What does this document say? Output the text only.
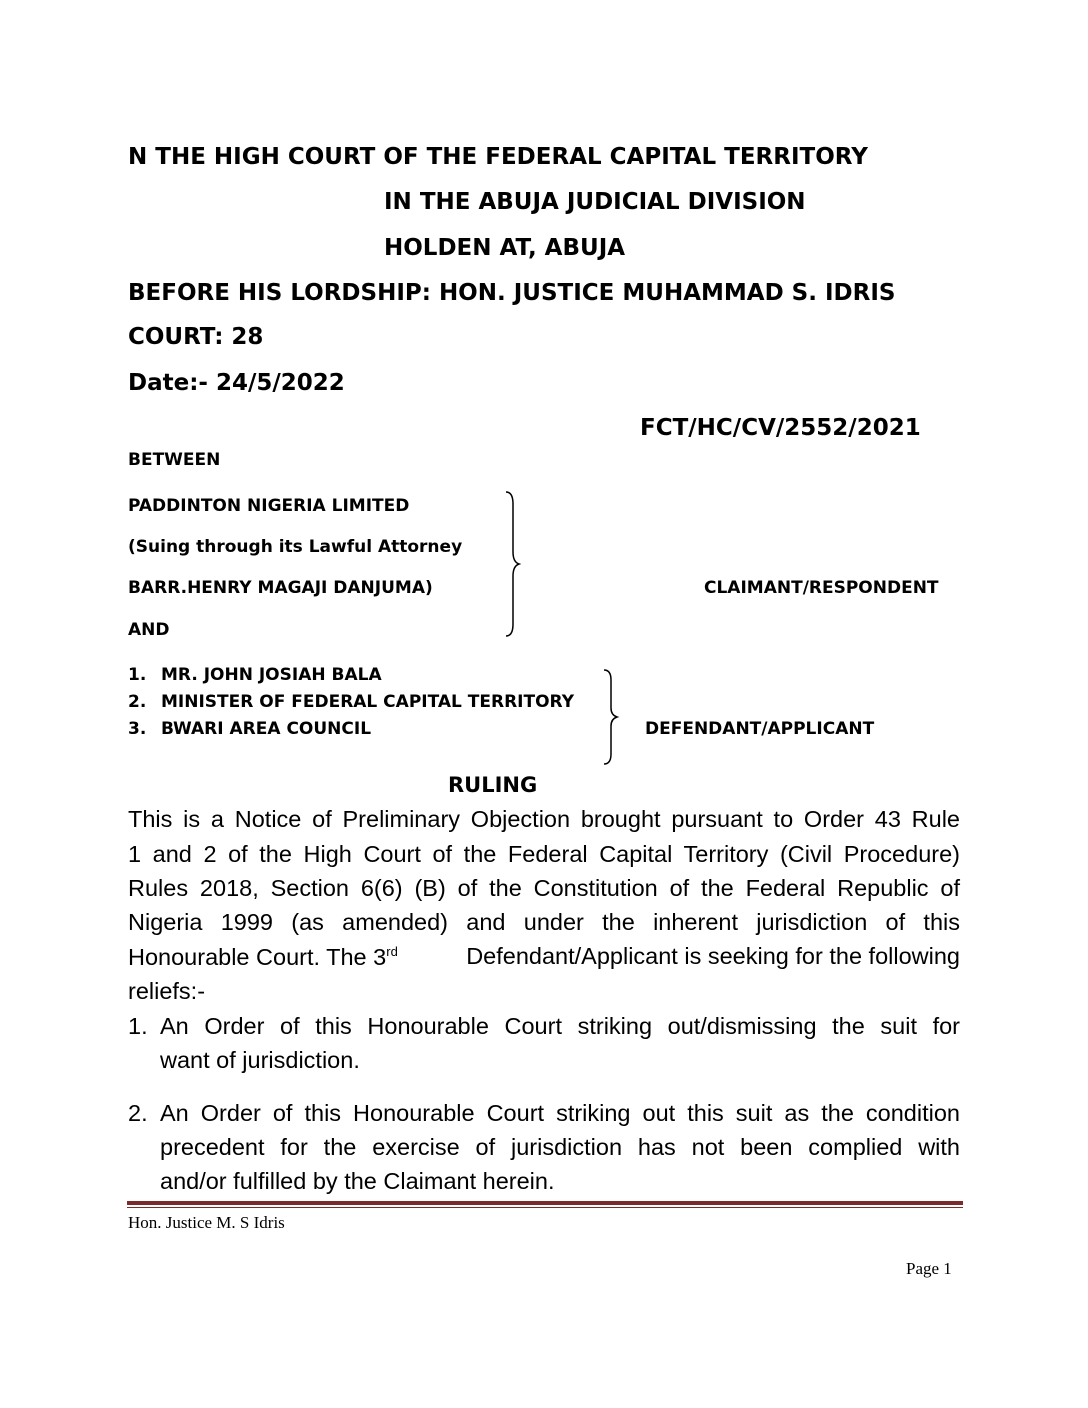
N THE HIGH COURT OF THE FEDERAL CAPITAL TERRITORY
IN THE ABUJA JUDICIAL DIVISION
HOLDEN AT, ABUJA
BEFORE HIS LORDSHIP: HON. JUSTICE MUHAMMAD S. IDRIS
COURT: 28
Date:- 24/5/2022
FCT/HC/CV/2552/2021
BETWEEN
PADDINTON NIGERIA LIMITED
(Suing through its Lawful Attorney
BARR.HENRY MAGAJI DANJUMA)	CLAIMANT/RESPONDENT
AND
1. MR. JOHN JOSIAH BALA
2. MINISTER OF FEDERAL CAPITAL TERRITORY
3. BWARI AREA COUNCIL	DEFENDANT/APPLICANT
RULING
This is a Notice of Preliminary Objection brought pursuant to Order 43 Rule
1 and 2 of the High Court of the Federal Capital Territory (Civil Procedure)
Rules 2018, Section 6(6) (B) of the Constitution of the Federal Republic of
Nigeria 1999 (as amended) and under the inherent jurisdiction of this
Honourable Court. The 3rd	Defendant/Applicant is seeking for the following
reliefs:-
1. An Order of this Honourable Court striking out/dismissing the suit for
want of jurisdiction.
2. An Order of this Honourable Court striking out this suit as the condition
precedent for the exercise of jurisdiction has not been complied with
and/or fulfilled by the Claimant herein.
Hon. Justice M. S Idris
Page 1
